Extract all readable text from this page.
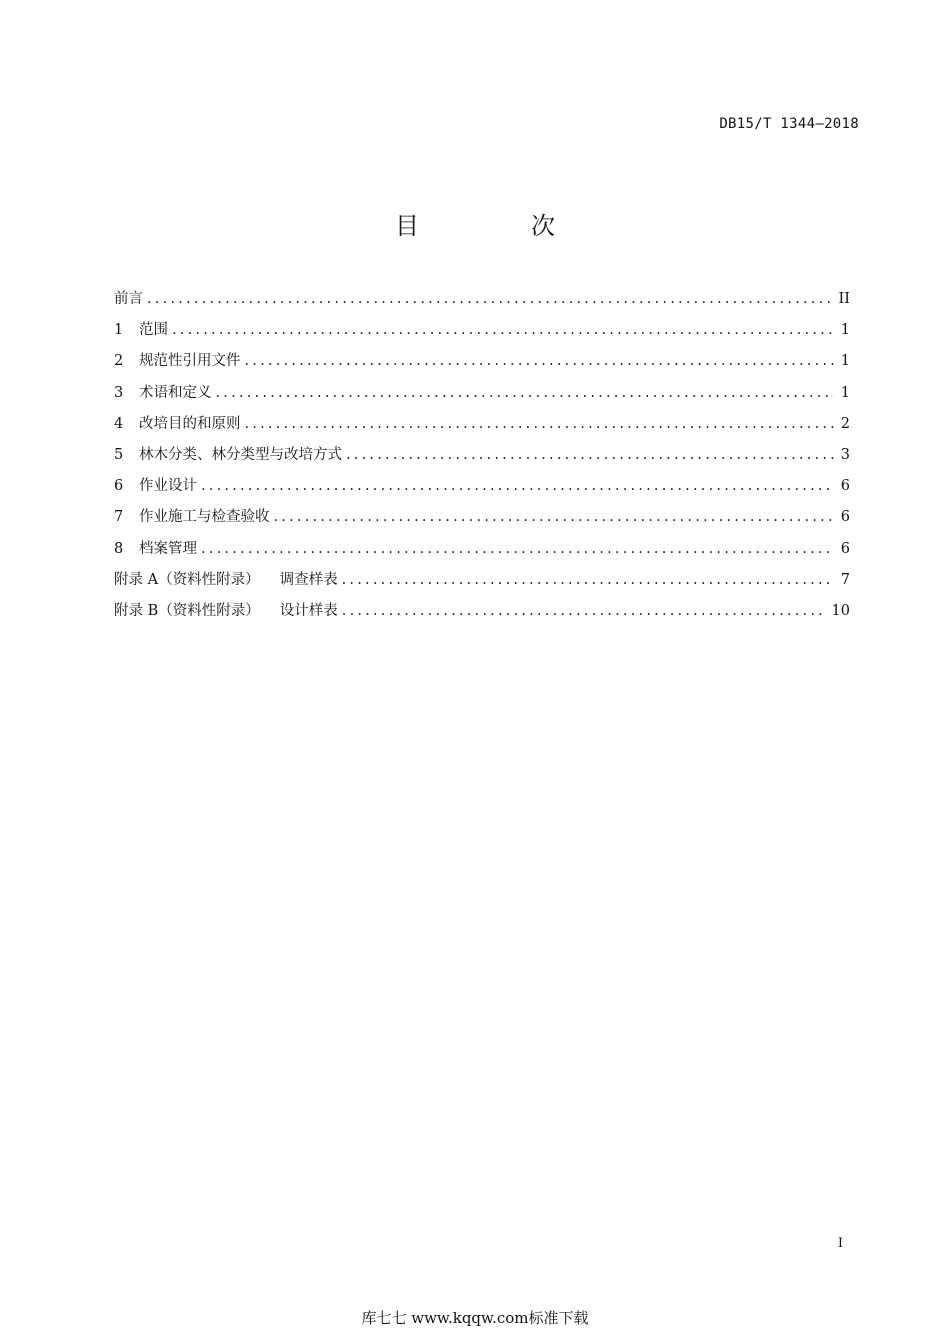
DB15/T 1344—2018
目　次
前言 .....	II
1	范围 .....	1
2	规范性引用文件 .....	1
3	术语和定义 .....	1
4	改培目的和原则 .....	2
5	林木分类、林分类型与改培方式 .....	3
6	作业设计 .....	6
7	作业施工与检查验收 .....	6
8	档案管理 .....	6
附录 A（资料性附录） 调查样表 .....	7
附录 B（资料性附录） 设计样表 .....	10
I
库七七 www.kqqw.com标准下载
